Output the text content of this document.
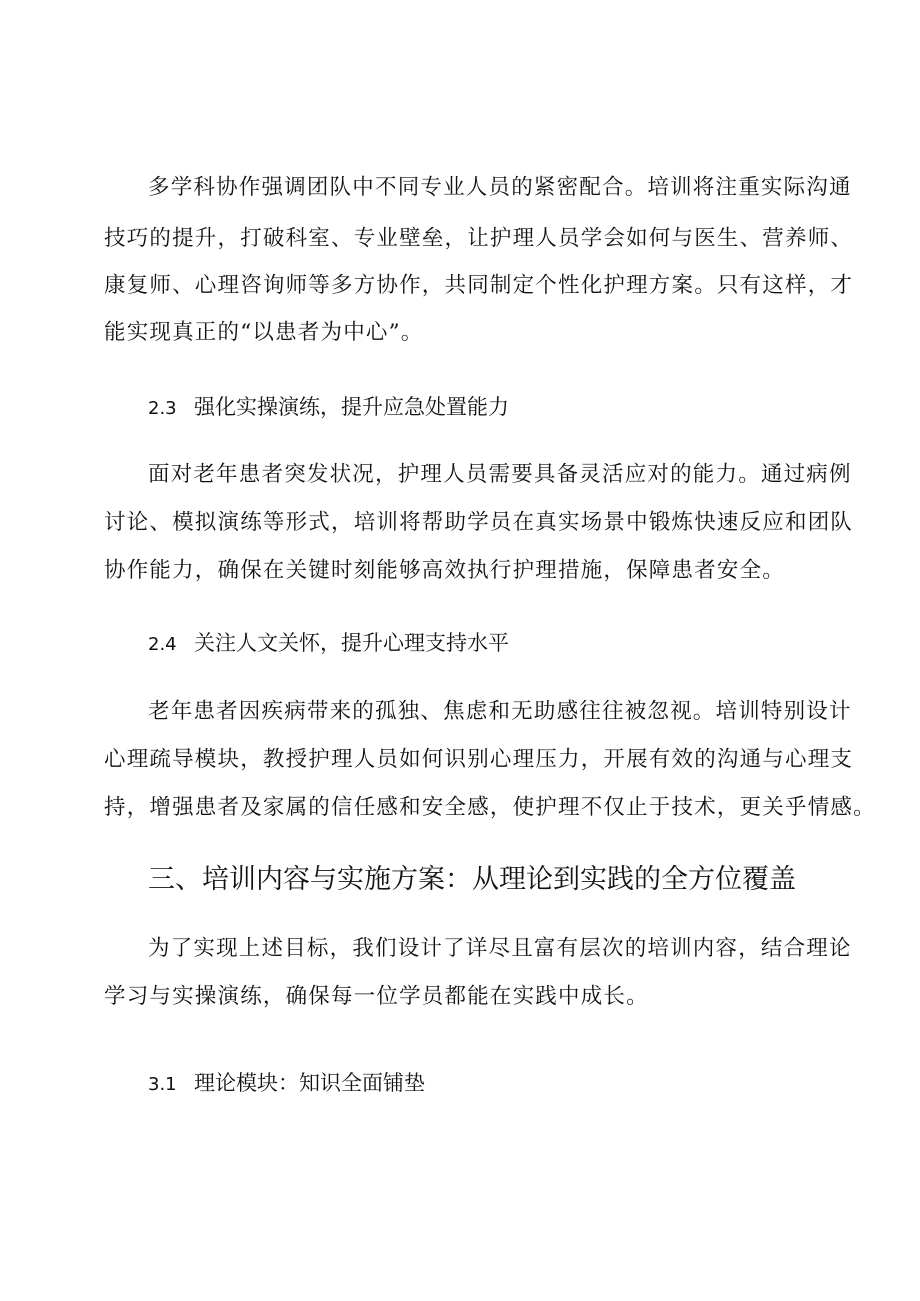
多学科协作强调团队中不同专业人员的紧密配合。培训将注重实际沟通

技巧的提升，打破科室、专业壁垒，让护理人员学会如何与医生、营养师、

康复师、心理咨询师等多方协作，共同制定个性化护理方案。只有这样，才

能实现真正的“以患者为中心”。

2.3 强化实操演练，提升应急处置能力

面对老年患者突发状况，护理人员需要具备灵活应对的能力。通过病例

讨论、模拟演练等形式，培训将帮助学员在真实场景中锻炼快速反应和团队

协作能力，确保在关键时刻能够高效执行护理措施，保障患者安全。

2.4 关注人文关怀，提升心理支持水平

老年患者因疾病带来的孤独、焦虑和无助感往往被忽视。培训特别设计

心理疏导模块，教授护理人员如何识别心理压力，开展有效的沟通与心理支

持，增强患者及家属的信任感和安全感，使护理不仅止于技术，更关乎情感。

三、培训内容与实施方案：从理论到实践的全方位覆盖

为了实现上述目标，我们设计了详尽且富有层次的培训内容，结合理论

学习与实操演练，确保每一位学员都能在实践中成长。

3.1 理论模块：知识全面铺垫
